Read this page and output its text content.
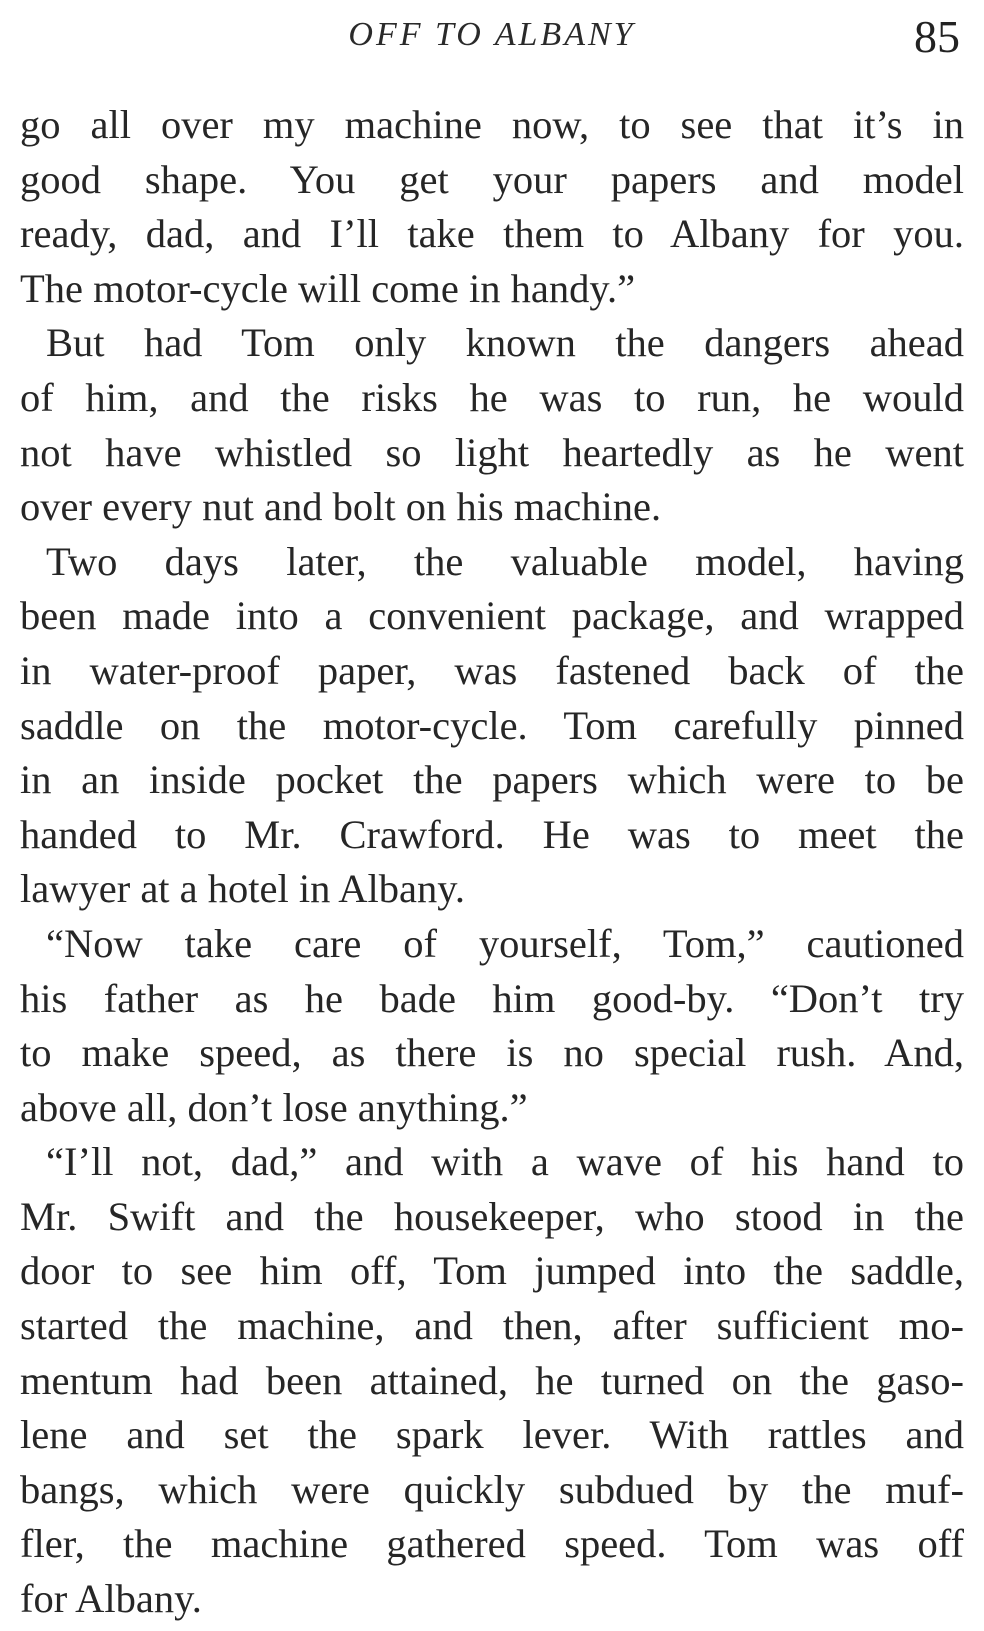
OFF TO ALBANY	85
go all over my machine now, to see that it’s in
good shape. You get your papers and model
ready, dad, and I’ll take them to Albany for you.
The motor-cycle will come in handy.”
But had Tom only known the dangers ahead
of him, and the risks he was to run, he would
not have whistled so light heartedly as he went
over every nut and bolt on his machine.
Two days later, the valuable model, having
been made into a convenient package, and wrapped
in water-proof paper, was fastened back of the
saddle on the motor-cycle. Tom carefully pinned
in an inside pocket the papers which were to be
handed to Mr. Crawford. He was to meet the
lawyer at a hotel in Albany.
“Now take care of yourself, Tom,” cautioned
his father as he bade him good-by. “Don’t try
to make speed, as there is no special rush. And,
above all, don’t lose anything.”
“I’ll not, dad,” and with a wave of his hand to
Mr. Swift and the housekeeper, who stood in the
door to see him off, Tom jumped into the saddle,
started the machine, and then, after sufficient mo-
mentum had been attained, he turned on the gaso-
lene and set the spark lever. With rattles and
bangs, which were quickly subdued by the muf-
fler, the machine gathered speed. Tom was off
for Albany.
